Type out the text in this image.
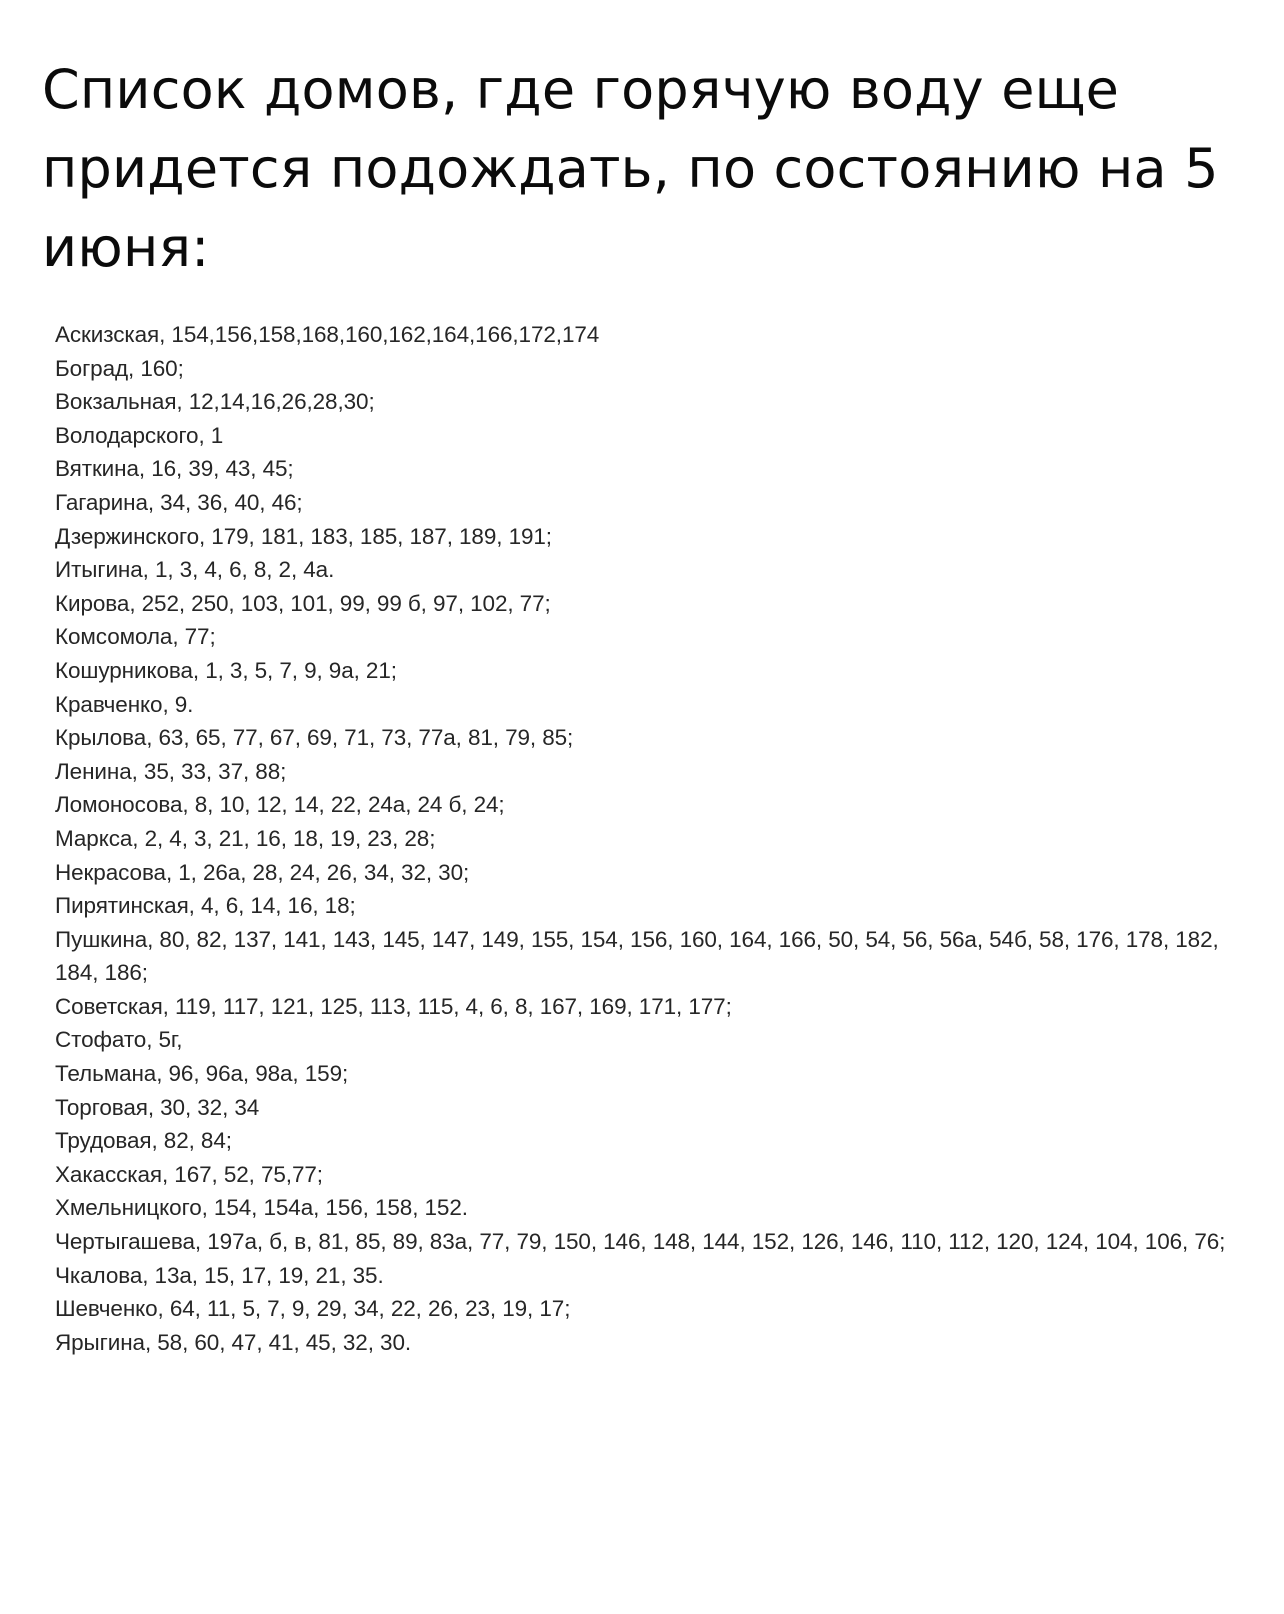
Список домов, где горячую воду еще придется подождать, по состоянию на 5 июня:
Аскизская, 154,156,158,168,160,162,164,166,172,174
Боград, 160;
Вокзальная, 12,14,16,26,28,30;
Володарского, 1
Вяткина, 16, 39, 43, 45;
Гагарина, 34, 36, 40, 46;
Дзержинского, 179, 181, 183, 185, 187, 189, 191;
Итыгина, 1, 3, 4, 6, 8, 2, 4а.
Кирова, 252, 250, 103, 101, 99, 99 б, 97, 102, 77;
Комсомола, 77;
Кошурникова, 1, 3, 5, 7, 9, 9а, 21;
Кравченко, 9.
Крылова, 63, 65, 77, 67, 69, 71, 73, 77а, 81, 79, 85;
Ленина, 35, 33, 37, 88;
Ломоносова, 8, 10, 12, 14, 22, 24а, 24 б, 24;
Маркса, 2, 4, 3, 21, 16, 18, 19, 23, 28;
Некрасова, 1, 26а, 28, 24, 26, 34, 32, 30;
Пирятинская, 4, 6, 14, 16, 18;
Пушкина, 80, 82, 137, 141, 143, 145, 147, 149, 155, 154, 156, 160, 164, 166, 50, 54, 56, 56а, 54б, 58, 176, 178, 182, 184, 186;
Советская, 119, 117, 121, 125, 113, 115, 4, 6, 8, 167, 169, 171, 177;
Стофато, 5г,
Тельмана, 96, 96а, 98а, 159;
Торговая, 30, 32, 34
Трудовая, 82, 84;
Хакасская, 167, 52, 75,77;
Хмельницкого, 154, 154а, 156, 158, 152.
Чертыгашева, 197а, б, в, 81, 85, 89, 83а, 77, 79, 150, 146, 148, 144, 152, 126, 146, 110, 112, 120, 124, 104, 106, 76;
Чкалова, 13а, 15, 17, 19, 21, 35.
Шевченко, 64, 11, 5, 7, 9, 29, 34, 22, 26, 23, 19, 17;
Ярыгина, 58, 60, 47, 41, 45, 32, 30.
